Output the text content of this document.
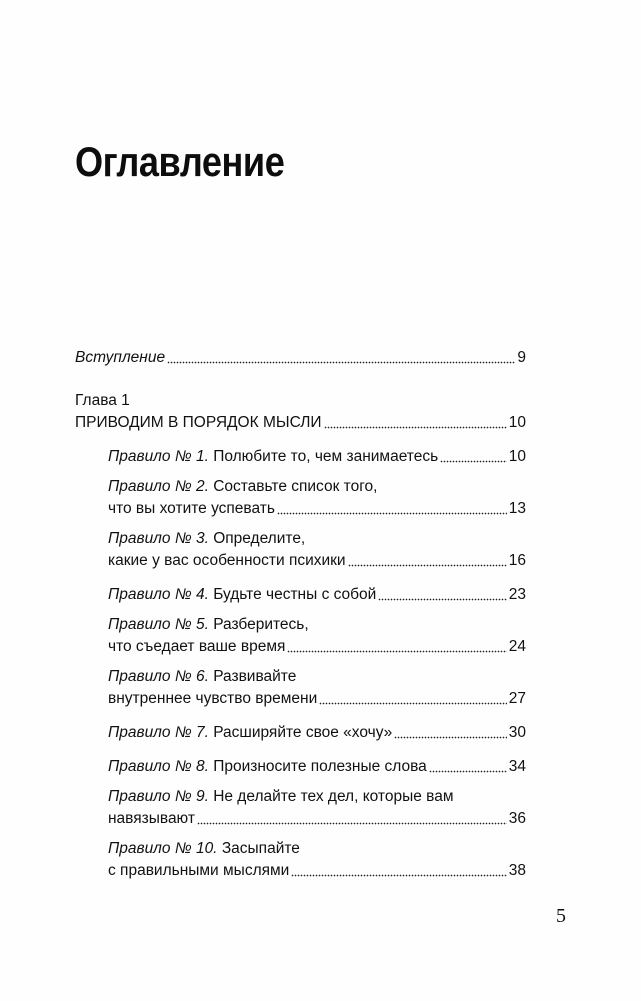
Оглавление
Вступление	9
Глава 1
ПРИВОДИМ В ПОРЯДОК МЫСЛИ	10
Правило № 1. Полюбите то, чем занимаетесь	10
Правило № 2. Составьте список того,
что вы хотите успевать	13
Правило № 3. Определите,
какие у вас особенности психики	16
Правило № 4. Будьте честны с собой	23
Правило № 5. Разберитесь,
что съедает ваше время	24
Правило № 6. Развивайте
внутреннее чувство времени	27
Правило № 7. Расширяйте свое «хочу»	30
Правило № 8. Произносите полезные слова	34
Правило № 9. Не делайте тех дел, которые вам
навязывают	36
Правило № 10. Засыпайте
с правильными мыслями	38
5
